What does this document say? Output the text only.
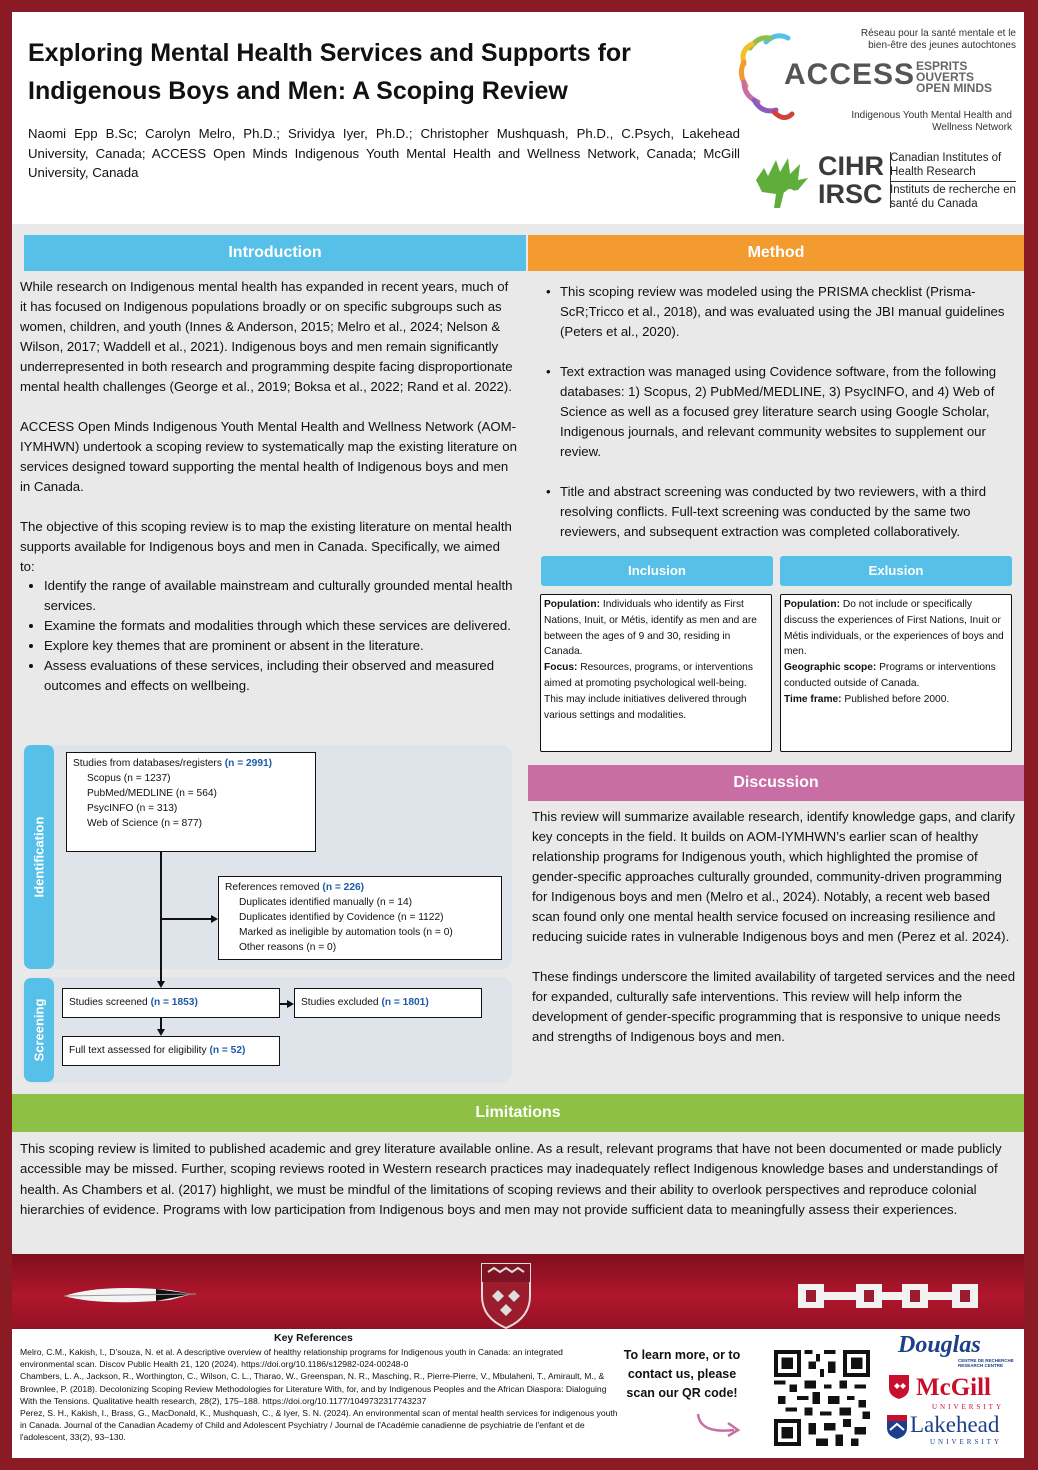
Exploring Mental Health Services and Supports for Indigenous Boys and Men: A Scoping Review
Naomi Epp B.Sc; Carolyn Melro, Ph.D.; Srividya Iyer, Ph.D.; Christopher Mushquash, Ph.D., C.Psych, Lakehead University, Canada; ACCESS Open Minds Indigenous Youth Mental Health and Wellness Network, Canada; McGill University, Canada
Réseau pour la santé mentale et le bien-être des jeunes autochtones
ACCESS ESPRITS OUVERTS
OPEN MINDS
Indigenous Youth Mental Health and Wellness Network
CIHR
IRSC
Canadian Institutes of Health Research
Instituts de recherche en santé du Canada
Introduction

While research on Indigenous mental health has expanded in recent years, much of it has focused on Indigenous populations broadly or on specific subgroups such as women, children, and youth (Innes & Anderson, 2015; Melro et al., 2024; Nelson & Wilson, 2017; Waddell et al., 2021). Indigenous boys and men remain significantly underrepresented in both research and programming despite facing disproportionate mental health challenges (George et al., 2019; Boksa et al., 2022; Rand et al. 2022).

ACCESS Open Minds Indigenous Youth Mental Health and Wellness Network (AOM-IYMHWN) undertook a scoping review to systematically map the existing literature on services designed toward supporting the mental health of Indigenous boys and men in Canada.

The objective of this scoping review is to map the existing literature on mental health supports available for Indigenous boys and men in Canada. Specifically, we aimed to:

• Identify the range of available mainstream and culturally grounded mental health services.
• Examine the formats and modalities through which these services are delivered.
• Explore key themes that are prominent or absent in the literature.
• Assess evaluations of these services, including their observed and measured outcomes and effects on wellbeing.
Identification
Screening
Studies from databases/registers (n = 2991)
Scopus (n = 1237)
PubMed/MEDLINE (n = 564)
PsycINFO (n = 313)
Web of Science (n = 877)
References removed (n = 226)
Duplicates identified manually (n = 14)
Duplicates identified by Covidence (n = 1122)
Marked as ineligible by automation tools (n = 0)
Other reasons (n = 0)
Studies screened (n = 1853)	Studies excluded (n = 1801)
Full text assessed for eligibility (n = 52)
Method
• This scoping review was modeled using the PRISMA checklist (Prisma-ScR;Tricco et al., 2018), and was evaluated using the JBI manual guidelines (Peters et al., 2020).
• Text extraction was managed using Covidence software, from the following databases: 1) Scopus, 2) PubMed/MEDLINE, 3) PsycINFO, and 4) Web of Science as well as a focused grey literature search using Google Scholar, Indigenous journals, and relevant community websites to supplement our review.
• Title and abstract screening was conducted by two reviewers, with a third resolving conflicts. Full-text screening was conducted by the same two reviewers, and subsequent extraction was completed collaboratively.
Inclusion	Exlusion
Population: Individuals who identify as First Nations, Inuit, or Métis, identify as men and are between the ages of 9 and 30, residing in Canada.
Focus: Resources, programs, or interventions aimed at promoting psychological well-being. This may include initiatives delivered through various settings and modalities.
Population: Do not include or specifically discuss the experiences of First Nations, Inuit or Métis individuals, or the experiences of boys and men.
Geographic scope: Programs or interventions conducted outside of Canada.
Time frame: Published before 2000.
Discussion

This review will summarize available research, identify knowledge gaps, and clarify key concepts in the field. It builds on AOM-IYMHWN’s earlier scan of healthy relationship programs for Indigenous youth, which highlighted the promise of gender-specific approaches culturally grounded, community-driven programming for Indigenous boys and men (Melro et al., 2024). Notably, a recent web based scan found only one mental health service focused on increasing resilience and reducing suicide rates in vulnerable Indigenous boys and men (Perez et al. 2024).

These findings underscore the limited availability of targeted services and the need for expanded, culturally safe interventions. This review will help inform the development of gender-specific programming that is responsive to unique needs and strengths of Indigenous boys and men.

Limitations
This scoping review is limited to published academic and grey literature available online. As a result, relevant programs that have not been documented or made publicly accessible may be missed. Further, scoping reviews rooted in Western research practices may inadequately reflect Indigenous knowledge bases and understandings of health. As Chambers et al. (2017) highlight, we must be mindful of the limitations of scoping reviews and their ability to overlook perspectives and reproduce colonial hierarchies of evidence. Programs with low participation from Indigenous boys and men may not provide sufficient data to meaningfully assess their experiences.
Key References
Melro, C.M., Kakish, I., D’souza, N. et al. A descriptive overview of healthy relationship programs for Indigenous youth in Canada: an integrated environmental scan. Discov Public Health 21, 120 (2024). https://doi.org/10.1186/s12982-024-00248-0
Chambers, L. A., Jackson, R., Worthington, C., Wilson, C. L., Tharao, W., Greenspan, N. R., Masching, R., Pierre-Pierre, V., Mbulaheni, T., Amirault, M., & Brownlee, P. (2018). Decolonizing Scoping Review Methodologies for Literature With, for, and by Indigenous Peoples and the African Diaspora: Dialoguing With the Tensions. Qualitative health research, 28(2), 175–188. https://doi.org/10.1177/1049732317743237
Perez, S. H., Kakish, I., Brass, G., MacDonald, K., Mushquash, C., & Iyer, S. N. (2024). An environmental scan of mental health services for indigenous youth in Canada. Journal of the Canadian Academy of Child and Adolescent Psychiatry / Journal de l'Académie canadienne de psychiatrie de l'enfant et de l'adolescent, 33(2), 93–130.
To learn more, or to contact us, please scan our QR code!
Douglas
CENTRE DE RECHERCHE RESEARCH CENTRE
McGill
UNIVERSITY
Lakehead
UNIVERSITY
